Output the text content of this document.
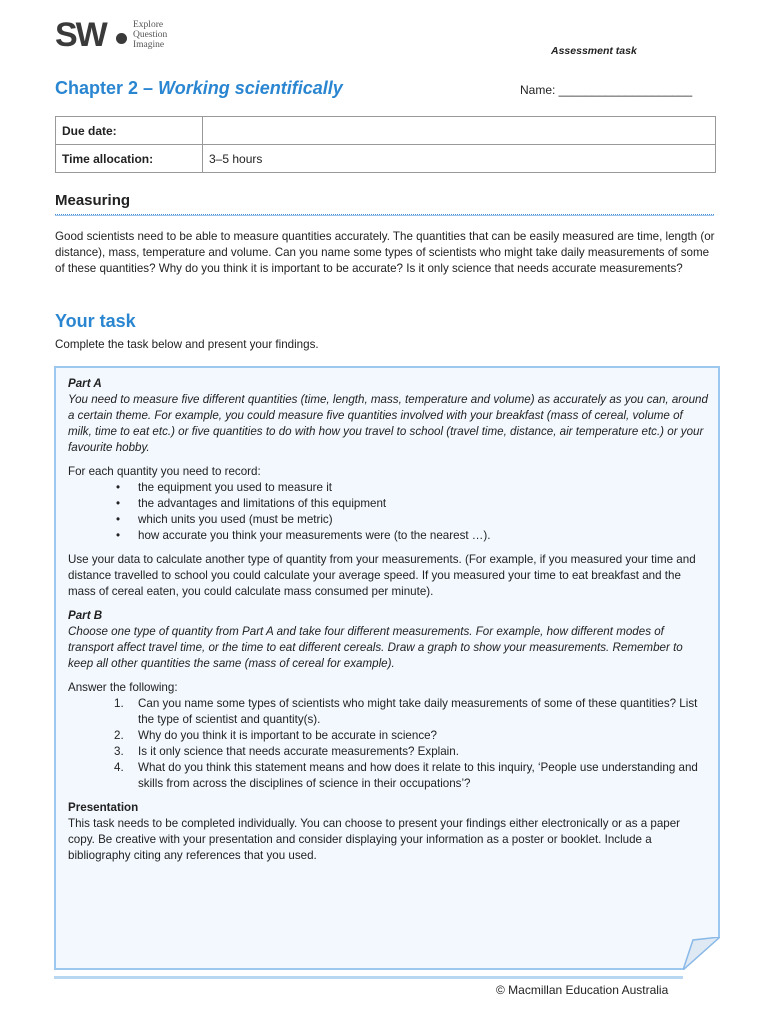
SW	Explore
Question
Imagine	Assessment task
Chapter 2 – Working scientifically	Name: ____________________
Due date:	
Time allocation:	3–5 hours
Measuring
Good scientists need to be able to measure quantities accurately. The quantities that can be easily measured are time, length (or distance), mass, temperature and volume. Can you name some types of scientists who might take daily measurements of some of these quantities? Why do you think it is important to be accurate? Is it only science that needs accurate measurements?
Your task
Complete the task below and present your findings.

Part A
You need to measure five different quantities (time, length, mass, temperature and volume) as accurately as you can, around a certain theme. For example, you could measure five quantities involved with your breakfast (mass of cereal, volume of milk, time to eat etc.) or five quantities to do with how you travel to school (travel time, distance, air temperature etc.) or your favourite hobby.

For each quantity you need to record:
• the equipment you used to measure it
• the advantages and limitations of this equipment
• which units you used (must be metric)
• how accurate you think your measurements were (to the nearest …).

Use your data to calculate another type of quantity from your measurements. (For example, if you measured your time and distance travelled to school you could calculate your average speed. If you measured your time to eat breakfast and the mass of cereal eaten, you could calculate mass consumed per minute).

Part B
Choose one type of quantity from Part A and take four different measurements. For example, how different modes of transport affect travel time, or the time to eat different cereals. Draw a graph to show your measurements. Remember to keep all other quantities the same (mass of cereal for example).

Answer the following:
1. Can you name some types of scientists who might take daily measurements of some of these quantities? List the type of scientist and quantity(s).
2. Why do you think it is important to be accurate in science?
3. Is it only science that needs accurate measurements? Explain.
4. What do you think this statement means and how does it relate to this inquiry, ‘People use understanding and skills from across the disciplines of science in their occupations’?

Presentation
This task needs to be completed individually. You can choose to present your findings either electronically or as a paper copy. Be creative with your presentation and consider displaying your information as a poster or booklet. Include a bibliography citing any references that you used.

© Macmillan Education Australia
